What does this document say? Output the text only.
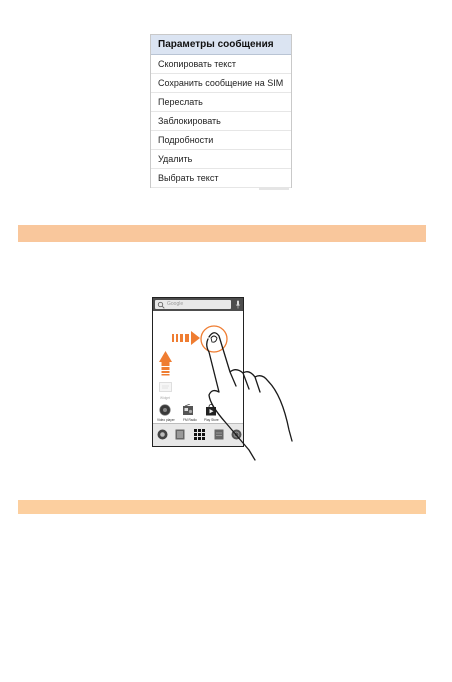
Параметры сообщения
Скопировать текст
Сохранить сообщение на SIM
Переслать
Заблокировать
Подробности
Удалить
Выбрать текст
Google
Widget
Video player	FM Radio Play Store
